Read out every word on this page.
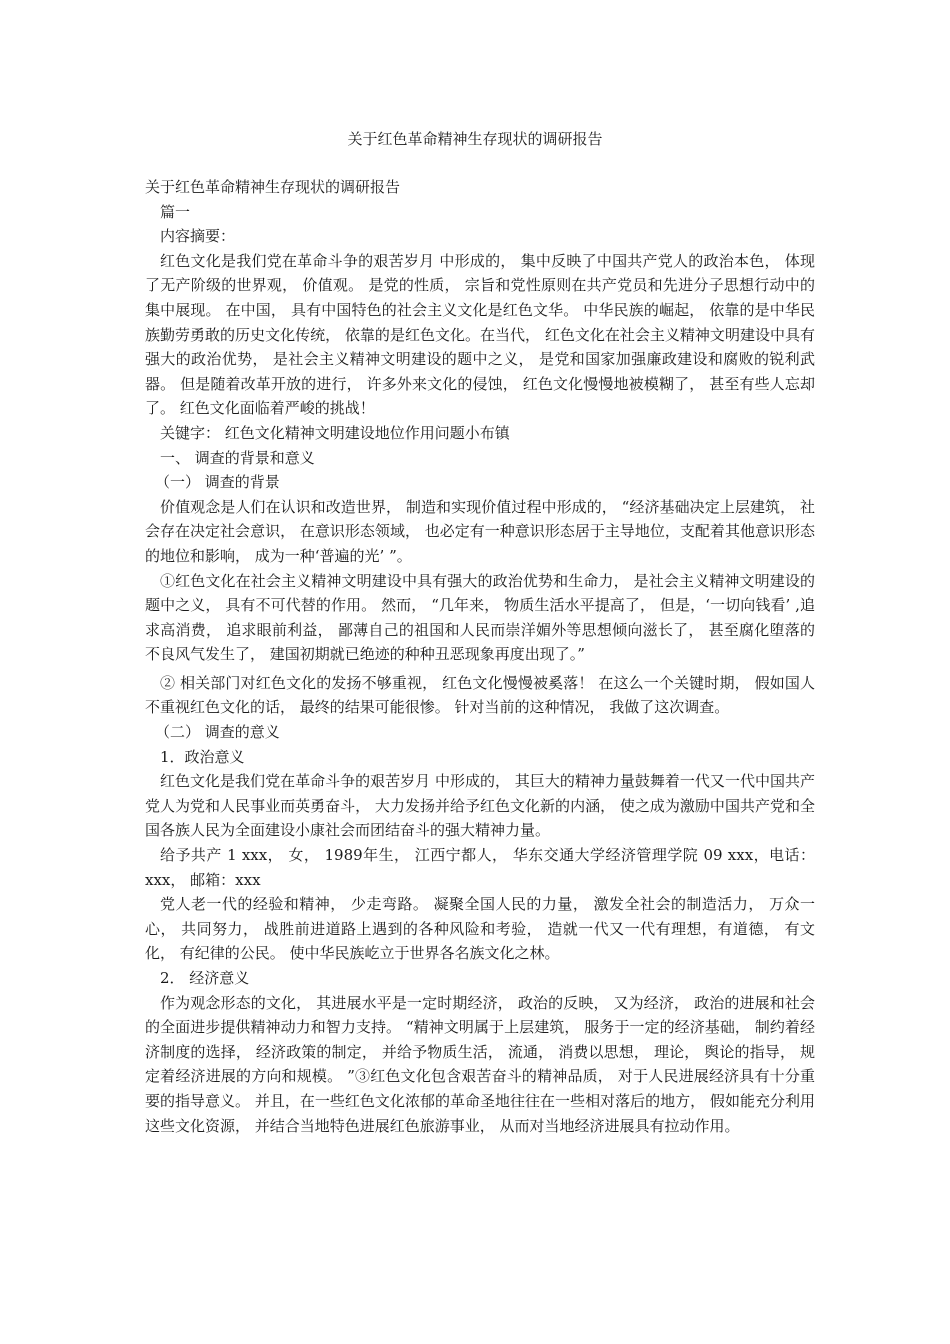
关于红色革命精神生存现状的调研报告

关于红色革命精神生存现状的调研报告

篇一

内容摘要：

红色文化是我们党在革命斗争的艰苦岁月 中形成的， 集中反映了中国共产党人的政治本色， 体现了无产阶级的世界观， 价值观。 是党的性质， 宗旨和党性原则在共产党员和先进分子思想行动中的集中展现。 在中国， 具有中国特色的社会主义文化是红色文华。 中华民族的崛起， 依靠的是中华民族勤劳勇敢的历史文化传统， 依靠的是红色文化。在当代， 红色文化在社会主义精神文明建设中具有强大的政治优势， 是社会主义精神文明建设的题中之义， 是党和国家加强廉政建设和腐败的锐利武器。 但是随着改革开放的进行， 许多外来文化的侵蚀， 红色文化慢慢地被模糊了， 甚至有些人忘却了。 红色文化面临着严峻的挑战！

关键字： 红色文化精神文明建设地位作用问题小布镇

一、 调查的背景和意义

（一） 调查的背景

价值观念是人们在认识和改造世界， 制造和实现价值过程中形成的， “经济基础决定上层建筑， 社会存在决定社会意识， 在意识形态领域， 也必定有一种意识形态居于主导地位，支配着其他意识形态的地位和影响， 成为一种‘普遍的光’ ”。

①红色文化在社会主义精神文明建设中具有强大的政治优势和生命力， 是社会主义精神文明建设的题中之义， 具有不可代替的作用。 然而， “几年来， 物质生活水平提高了， 但是，‘一切向钱看’ ,追求高消费， 追求眼前利益， 鄙薄自己的祖国和人民而崇洋媚外等思想倾向滋长了， 甚至腐化堕落的不良风气发生了， 建国初期就已绝迹的种种丑恶现象再度出现了。”

② 相关部门对红色文化的发扬不够重视， 红色文化慢慢被奚落！ 在这么一个关键时期， 假如国人不重视红色文化的话， 最终的结果可能很惨。 针对当前的这种情况， 我做了这次调查。

（二） 调查的意义

1．政治意义

红色文化是我们党在革命斗争的艰苦岁月 中形成的， 其巨大的精神力量鼓舞着一代又一代中国共产党人为党和人民事业而英勇奋斗， 大力发扬并给予红色文化新的内涵， 使之成为激励中国共产党和全国各族人民为全面建设小康社会而团结奋斗的强大精神力量。

给予共产 1 xxx， 女， 1989年生， 江西宁都人， 华东交通大学经济管理学院 09 xxx，电话： xxx， 邮箱：xxx

党人老一代的经验和精神， 少走弯路。 凝聚全国人民的力量， 激发全社会的制造活力， 万众一心， 共同努力， 战胜前进道路上遇到的各种风险和考验， 造就一代又一代有理想，有道德， 有文化， 有纪律的公民。 使中华民族屹立于世界各名族文化之林。

2． 经济意义

作为观念形态的文化， 其进展水平是一定时期经济， 政治的反映， 又为经济， 政治的进展和社会的全面进步提供精神动力和智力支持。 “精神文明属于上层建筑， 服务于一定的经济基础， 制约着经济制度的选择， 经济政策的制定， 并给予物质生活， 流通， 消费以思想， 理论， 舆论的指导， 规定着经济进展的方向和规模。 ”③红色文化包含艰苦奋斗的精神品质， 对于人民进展经济具有十分重要的指导意义。 并且，在一些红色文化浓郁的革命圣地往往在一些相对落后的地方， 假如能充分利用这些文化资源， 并结合当地特色进展红色旅游事业， 从而对当地经济进展具有拉动作用。
